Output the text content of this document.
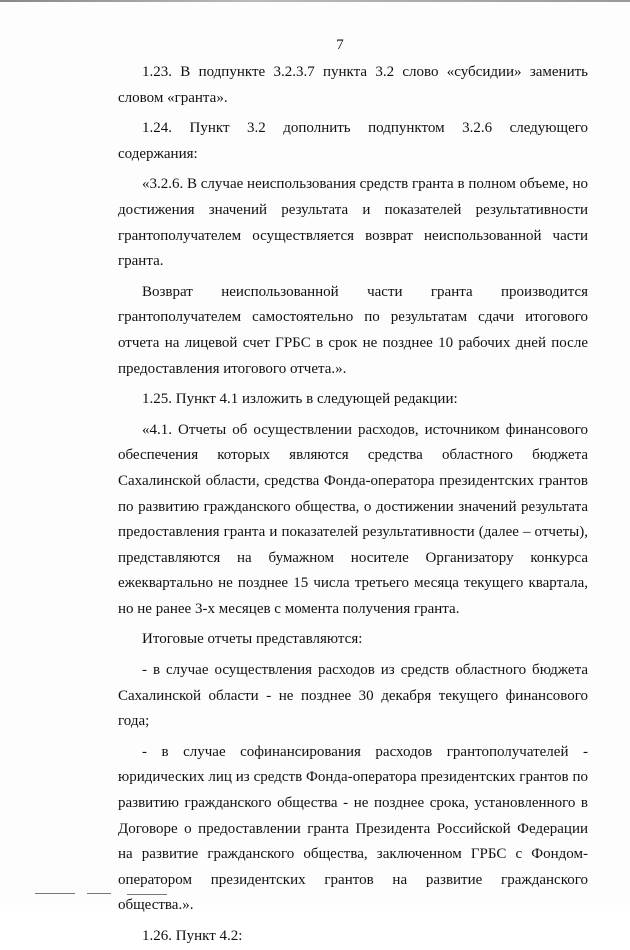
7

1.23. В подпункте 3.2.3.7 пункта 3.2 слово «субсидии» заменить словом «гранта».

1.24. Пункт 3.2 дополнить подпунктом 3.2.6 следующего содержания:

«3.2.6. В случае неиспользования средств гранта в полном объеме, но достижения значений результата и показателей результативности грантополучателем осуществляется возврат неиспользованной части гранта.

Возврат неиспользованной части гранта производится грантополучателем самостоятельно по результатам сдачи итогового отчета на лицевой счет ГРБС в срок не позднее 10 рабочих дней после предоставления итогового отчета.».

1.25. Пункт 4.1 изложить в следующей редакции:

«4.1. Отчеты об осуществлении расходов, источником финансового обеспечения которых являются средства областного бюджета Сахалинской области, средства Фонда-оператора президентских грантов по развитию гражданского общества, о достижении значений результата предоставления гранта и показателей результативности (далее – отчеты), представляются на бумажном носителе Организатору конкурса ежеквартально не позднее 15 числа третьего месяца текущего квартала, но не ранее 3-х месяцев с момента получения гранта.

Итоговые отчеты представляются:

- в случае осуществления расходов из средств областного бюджета Сахалинской области - не позднее 30 декабря текущего финансового года;

- в случае софинансирования расходов грантополучателей - юридических лиц из средств Фонда-оператора президентских грантов по развитию гражданского общества - не позднее срока, установленного в Договоре о предоставлении гранта Президента Российской Федерации на развитие гражданского общества, заключенном ГРБС с Фондом-оператором президентских грантов на развитие гражданского общества.».

1.26. Пункт 4.2:
